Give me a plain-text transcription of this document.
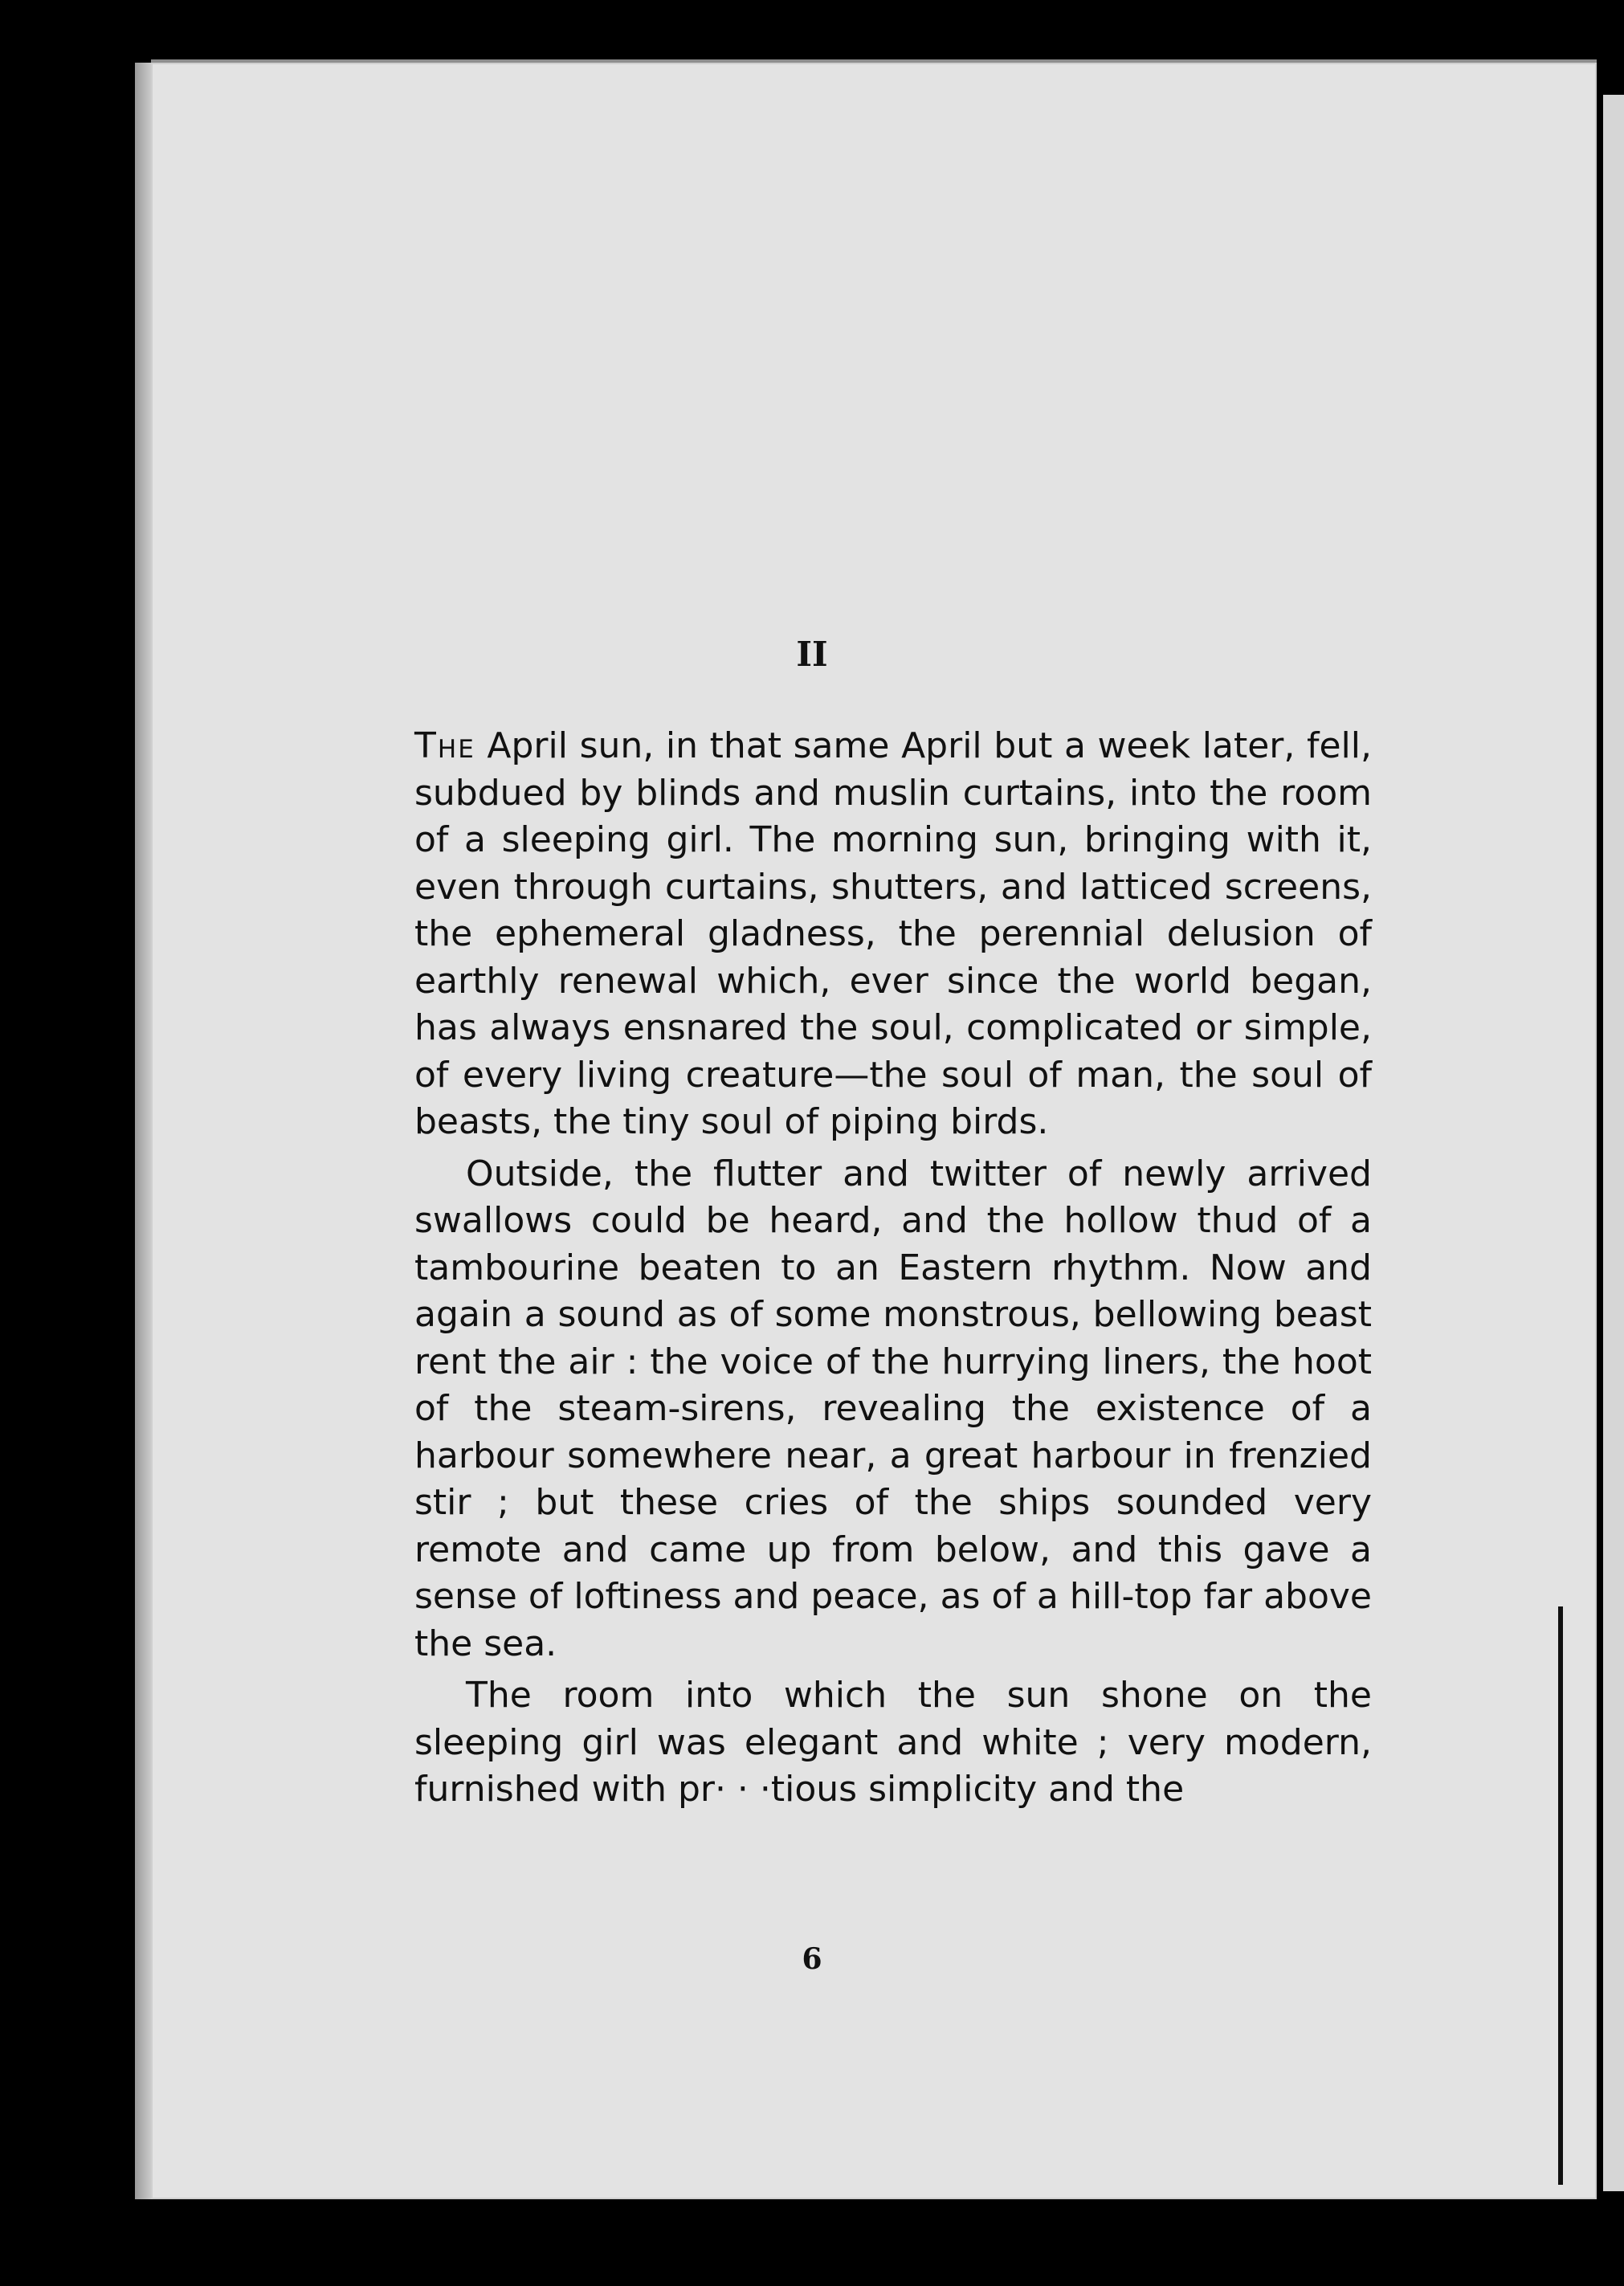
II

The April sun, in that same April but a week later, fell, subdued by blinds and muslin curtains, into the room of a sleeping girl. The morning sun, bringing with it, even through curtains, shutters, and latticed screens, the ephemeral gladness, the perennial delusion of earthly renewal which, ever since the world began, has always ensnared the soul, complicated or simple, of every living creature—the soul of man, the soul of beasts, the tiny soul of piping birds.

Outside, the flutter and twitter of newly arrived swallows could be heard, and the hollow thud of a tambourine beaten to an Eastern rhythm. Now and again a sound as of some monstrous, bellowing beast rent the air : the voice of the hurrying liners, the hoot of the steam-sirens, revealing the existence of a harbour somewhere near, a great harbour in frenzied stir ; but these cries of the ships sounded very remote and came up from below, and this gave a sense of loftiness and peace, as of a hill-top far above the sea.

The room into which the sun shone on the sleeping girl was elegant and white ; very modern, furnished with pr· · ·tious simplicity and the

6
